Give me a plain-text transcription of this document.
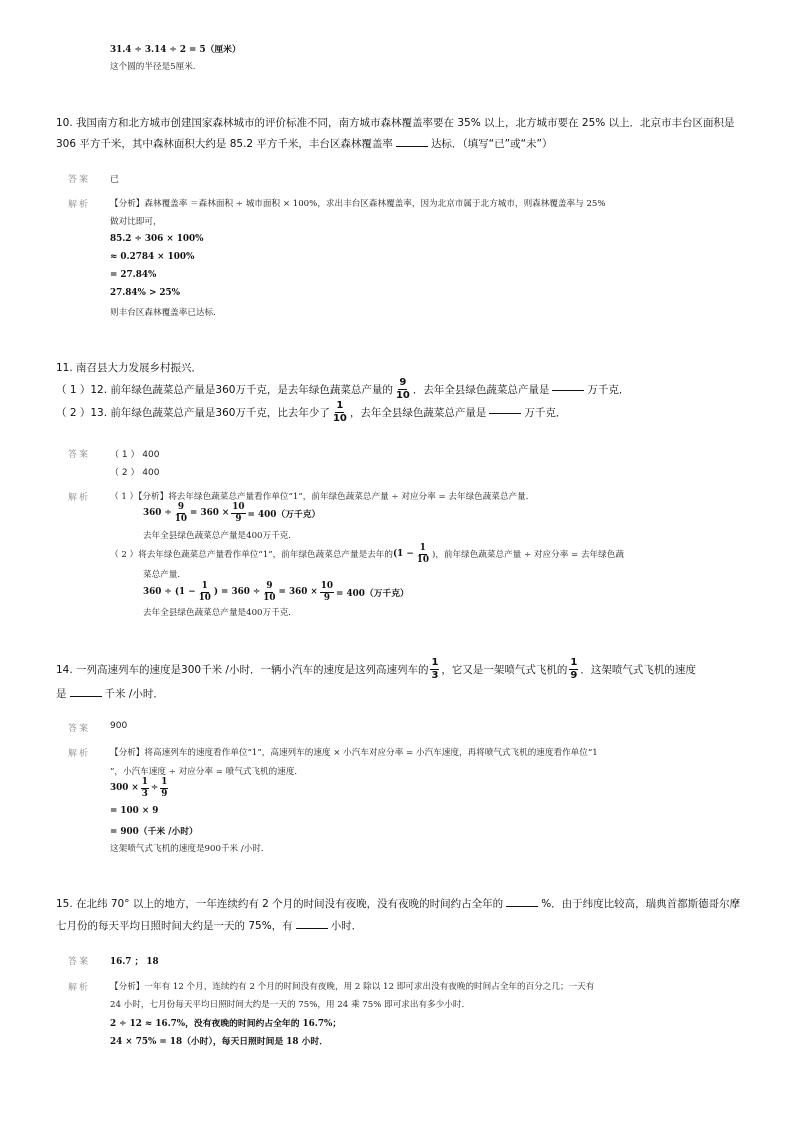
31.4 ÷ 3.14 ÷ 2 = 5（厘米）
这个圆的半径是5厘米.
10. 我国南方和北方城市创建国家森林城市的评价标准不同，南方城市森林覆盖率要在 35% 以上，北方城市要在 25% 以上．北京市丰台区面积是
306 平方千米，其中森林面积大约是 85.2 平方千米，丰台区森林覆盖率	达标．（填写“已”或“未”）
答案 已
解析 【分析】森林覆盖率 ＝森林面积 ÷ 城市面积 × 100%，求出丰台区森林覆盖率，因为北京市属于北方城市，则森林覆盖率与 25%
做对比即可，
85.2 ÷ 306 × 100%
≈ 0.2784 × 100%
= 27.84%
27.84% > 25%
则丰台区森林覆盖率已达标．
11. 南召县大力发展乡村振兴．
（ 1 ） 12. 前年绿色蔬菜总产量是360万千克，是去年绿色蔬菜总产量的 $\frac{9}{10}$ ．去年全县绿色蔬菜总产量是	万千克．
（ 2 ） 13. 前年绿色蔬菜总产量是360万千克，比去年少了 $\frac{1}{10}$ ，去年全县绿色蔬菜总产量是	万千克．
答案 （ 1 ） 400
（ 2 ） 400
解析 （ 1 ）【分析】将去年绿色蔬菜总产量看作单位“1”，前年绿色蔬菜总产量 ÷ 对应分率 = 去年绿色蔬菜总产量．
$360 \div \frac{9}{10} = 360 \times \frac{10}{9} = 400$（万千克）
去年全县绿色蔬菜总产量是400万千克．
（ 2 ）将去年绿色蔬菜总产量看作单位“1”，前年绿色蔬菜总产量是去年的 ($1 - \frac{1}{10}$ )，前年绿色蔬菜总产量 ÷ 对应分率 = 去年绿色蔬
菜总产量．
$360 \div (1 - \frac{1}{10}$ ) = $360 \div \frac{9}{10} = 360 \times \frac{10}{9} = 400$（万千克）
去年全县绿色蔬菜总产量是400万千克．
14. 一列高速列车的速度是300千米 /小时．一辆小汽车的速度是这列高速列车的 $\frac{1}{3}$ ，它又是一架喷气式飞机的 $\frac{1}{9}$ ．这架喷气式飞机的速度
是	千米 /小时．
答案 900
解析 【分析】将高速列车的速度看作单位“1”，高速列车的速度 × 小汽车对应分率 = 小汽车速度，再将喷气式飞机的速度看作单位“1
”，小汽车速度 ÷ 对应分率 = 喷气式飞机的速度．
$300 \times \frac{1}{3} \div \frac{1}{9}$
= 100 × 9
= 900（千米 /小时）
这架喷气式飞机的速度是900千米 /小时．
15. 在北纬 70° 以上的地方，一年连续约有 2 个月的时间没有夜晚，没有夜晚的时间约占全年的	%．由于纬度比较高，瑞典首都斯德哥尔摩
七月份的每天平均日照时间大约是一天的 75%，有	小时．
答案 16.7 ； 18
解析 【分析】一年有 12 个月，连续约有 2 个月的时间没有夜晚，用 2 除以 12 即可求出没有夜晚的时间占全年的百分之几；一天有
24 小时，七月份每天平均日照时间大约是一天的 75%，用 24 乘 75% 即可求出有多少小时．
2 ÷ 12 ≈ 16.7%，没有夜晚的时间约占全年的 16.7%；
24 × 75% = 18（小时），每天日照时间是 18 小时．
